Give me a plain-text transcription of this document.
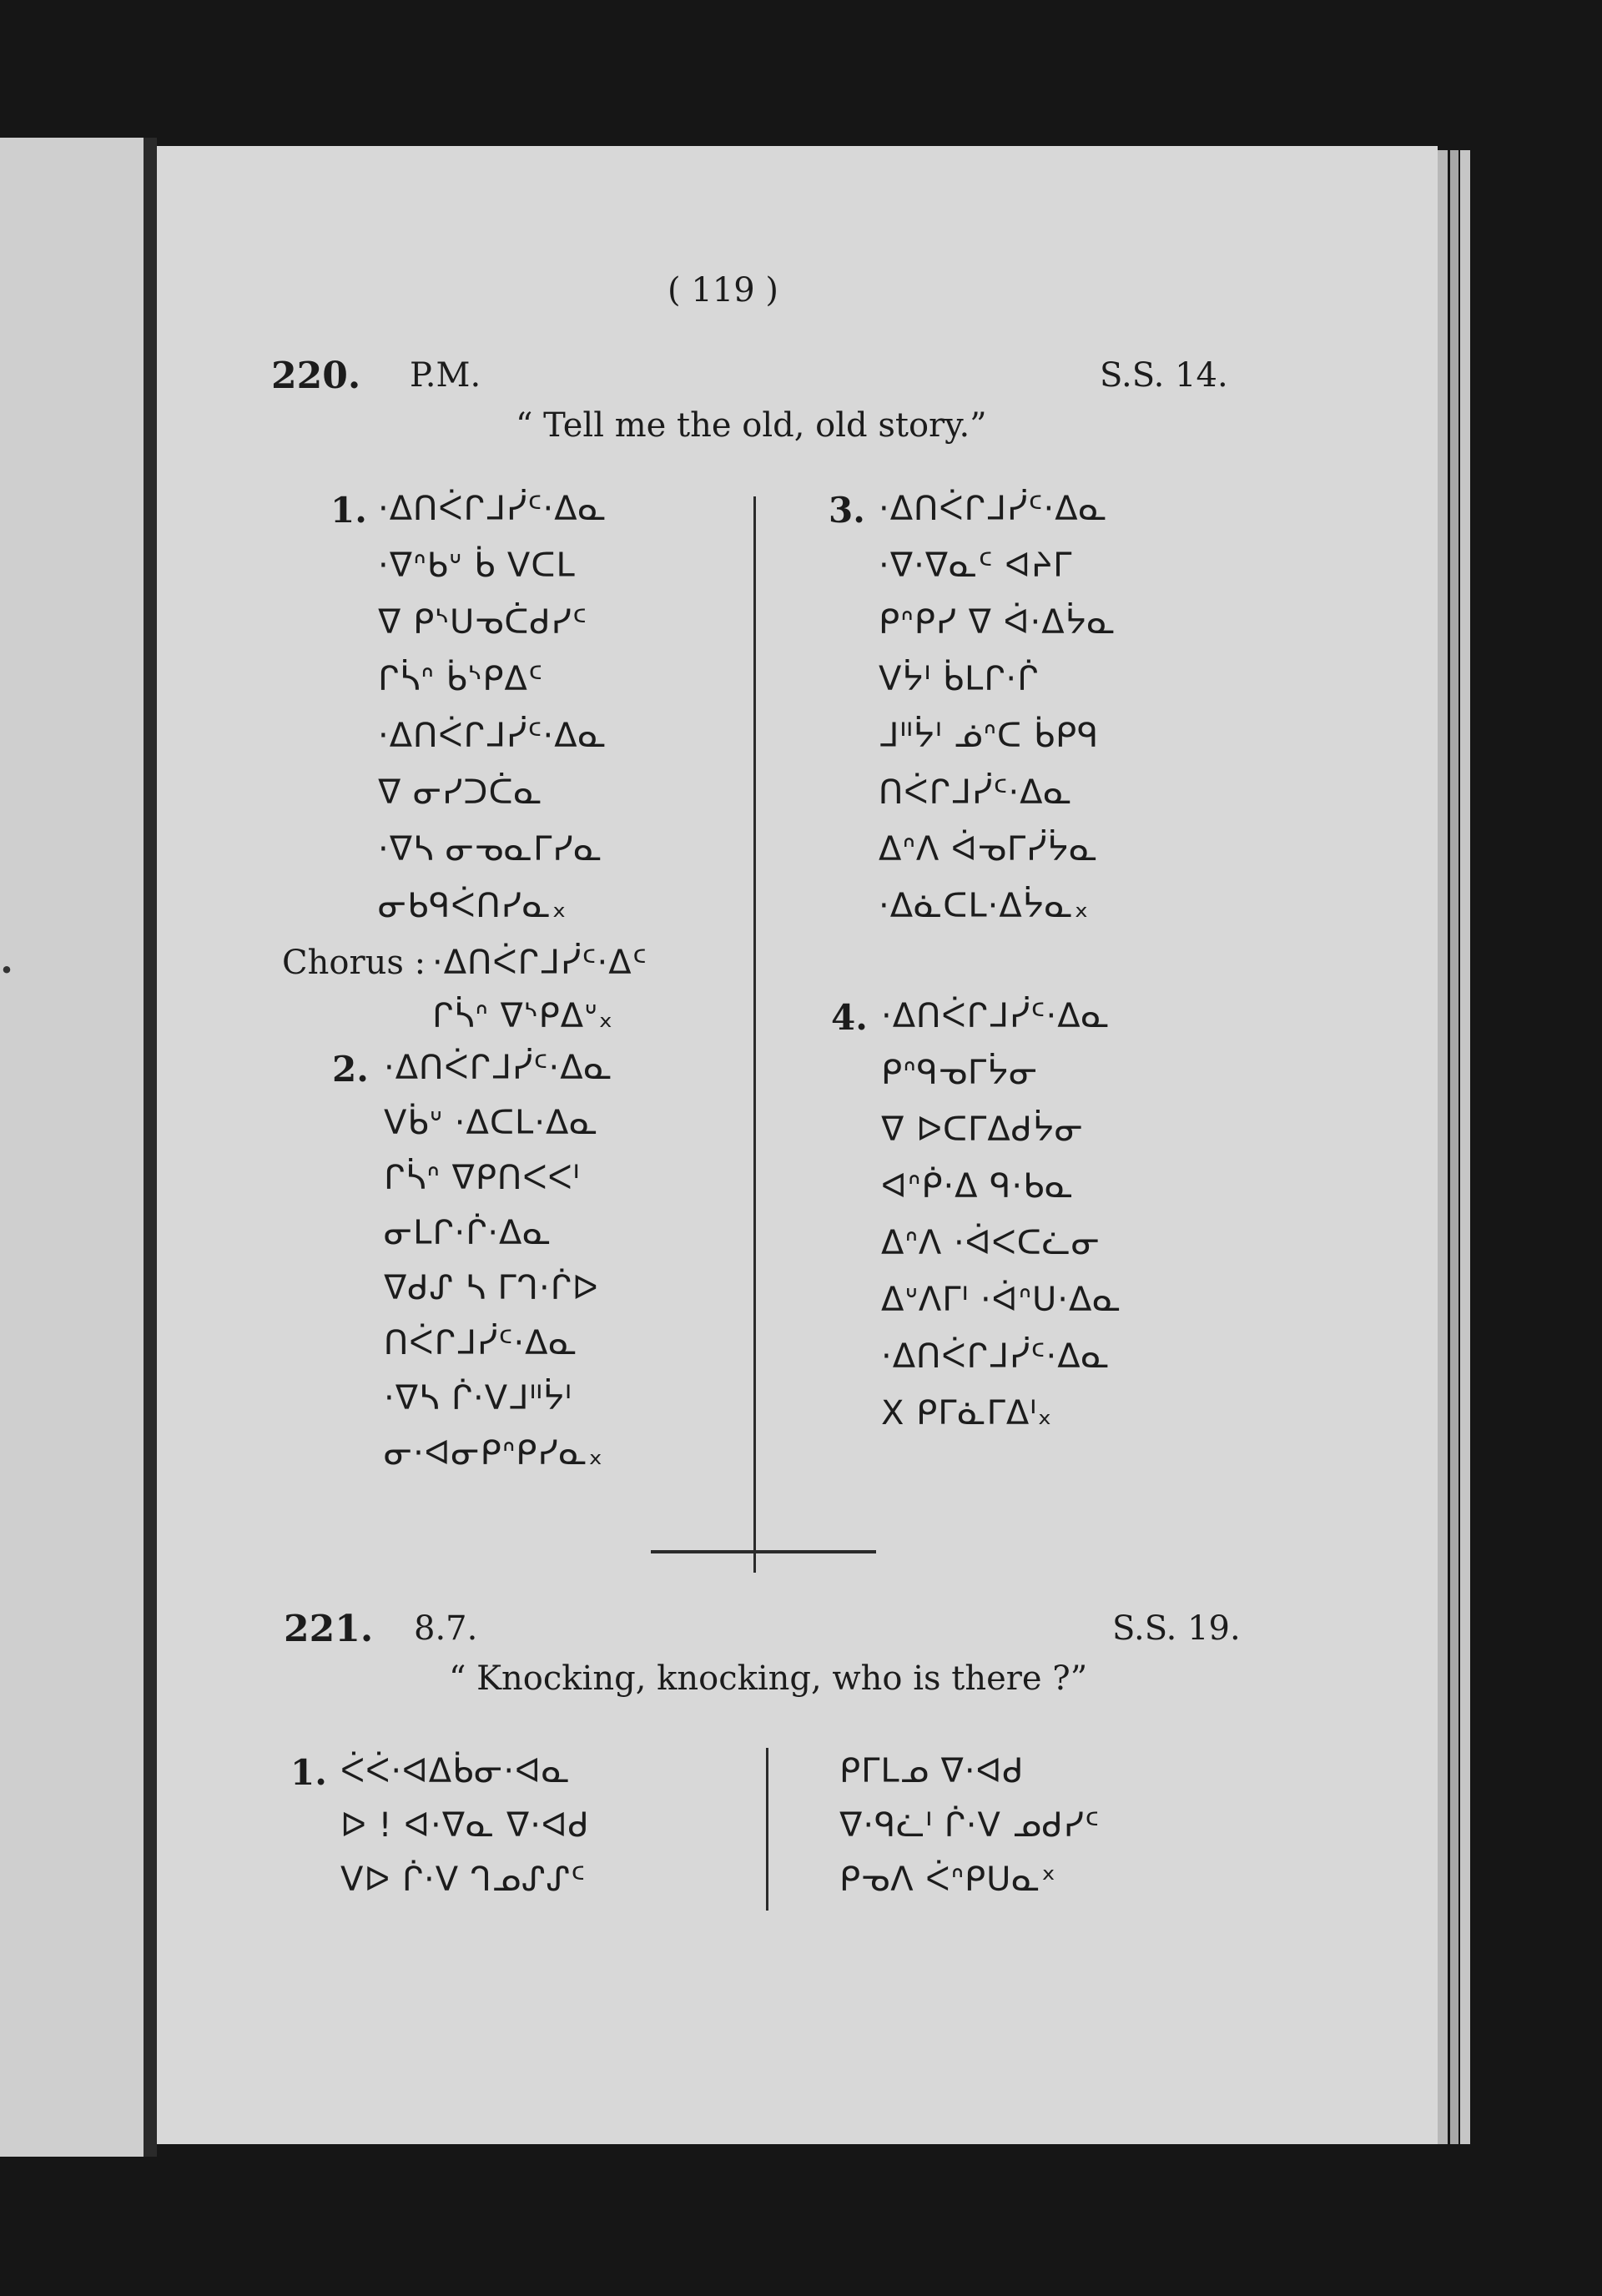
·
( 119 )
220. P.M.	S.S. 14.
“ Tell me the old, old story.”
1. ·ᐃᑎᐹᒋᒧᓰᑦ·ᐃᓇ
·ᐁᐢᑲᐡ ᑳ ᐯᑕᒪ
ᐁ ᑭᔅᑌᓀᑖᑯᓯᑦ
ᒋᓵᐢ ᑳᔅᑭᐃᑦ
·ᐃᑎᐹᒋᒧᓰᑦ·ᐃᓇ
ᐁ ᓂᓯᑐᑖᓇ
·ᐁᓴ ᓂᓀᓇᒥᓯᓇ
ᓂᑲᑫᐹᑎᓯᓇₓ
Chorus : ·ᐃᑎᐹᒋᒧᓰᑦ·ᐃᑦ
ᒋᓵᐢ ᐁᔅᑭᐃᐡₓ
2. ·ᐃᑎᐹᒋᒧᓰᑦ·ᐃᓇ
ᐯᑳᐡ ·ᐃᑕᒪ·ᐃᓇ
ᒋᓵᐢ ᐁᑭᑎᐸᐸᑊ
ᓂᒪᒋ·ᒌ·ᐃᓇ
ᐁᑯᔑ ᓴ ᒥᒉ·ᒌᐅ
ᑎᐹᒋᒧᓰᑦ·ᐃᓇ
·ᐁᓴ ᒌ·ᐯᒧᐦᔮᑊ
ᓂ·ᐊᓂᑭᐢᑭᓯᓇₓ
3. ·ᐃᑎᐹᒋᒧᓰᑦ·ᐃᓇ
·ᐁ·ᐁᓇᑦ ᐊᔨᒥ
ᑭᐢᑭᓯ ᐁ ᐋ·ᐃᔮᓇ
ᐯᔮᑊ ᑳᒪᒋ·ᒌ
ᒧᐦᔮᑊ ᓅᐢᑕ ᑳᑭᑫ
ᑎᐹᒋᒧᓰᑦ·ᐃᓇ
ᐃᐢᐱ ᐋᓀᒥᓰᔮᓇ
·ᐃᓈᑕᒪ·ᐃᔮᓇₓ
4. ·ᐃᑎᐹᒋᒧᓰᑦ·ᐃᓇ
ᑭᐢᑫᓀᒥᔮᓂ
ᐁ ᐅᑕᒥᐃᑯᔮᓂ
ᐊᐢᑮ·ᐃ ᑫ·ᑲᓇ
ᐃᐢᐱ ·ᐋᐸᑕᓛᓂ
ᐃᐡᐱᒥᑊ ·ᐋᐢᑌ·ᐃᓇ
·ᐃᑎᐹᒋᒧᓰᑦ·ᐃᓇ
X ᑭᒥᓈᒥᐃᑊₓ
221. 8.7.	S.S. 19.
“ Knocking, knocking, who is there ?”
1. ᐹᐹ·ᐊᐃᑳᓂ·ᐊᓇ
ᐅ ! ᐊ·ᐁᓇ ᐁ·ᐊᑯ
ᐯᐅ ᒌ·ᐯ ᒉᓄᔑᔑᑦ
ᑭᒥᒪᓄ ᐁ·ᐊᑯ
ᐁ·ᑫᓛᑊ ᒌ·ᐯ ᓄᑯᓯᑦ
ᑭᓀᐱ ᐹᐢᑭᑌᓇˣ
